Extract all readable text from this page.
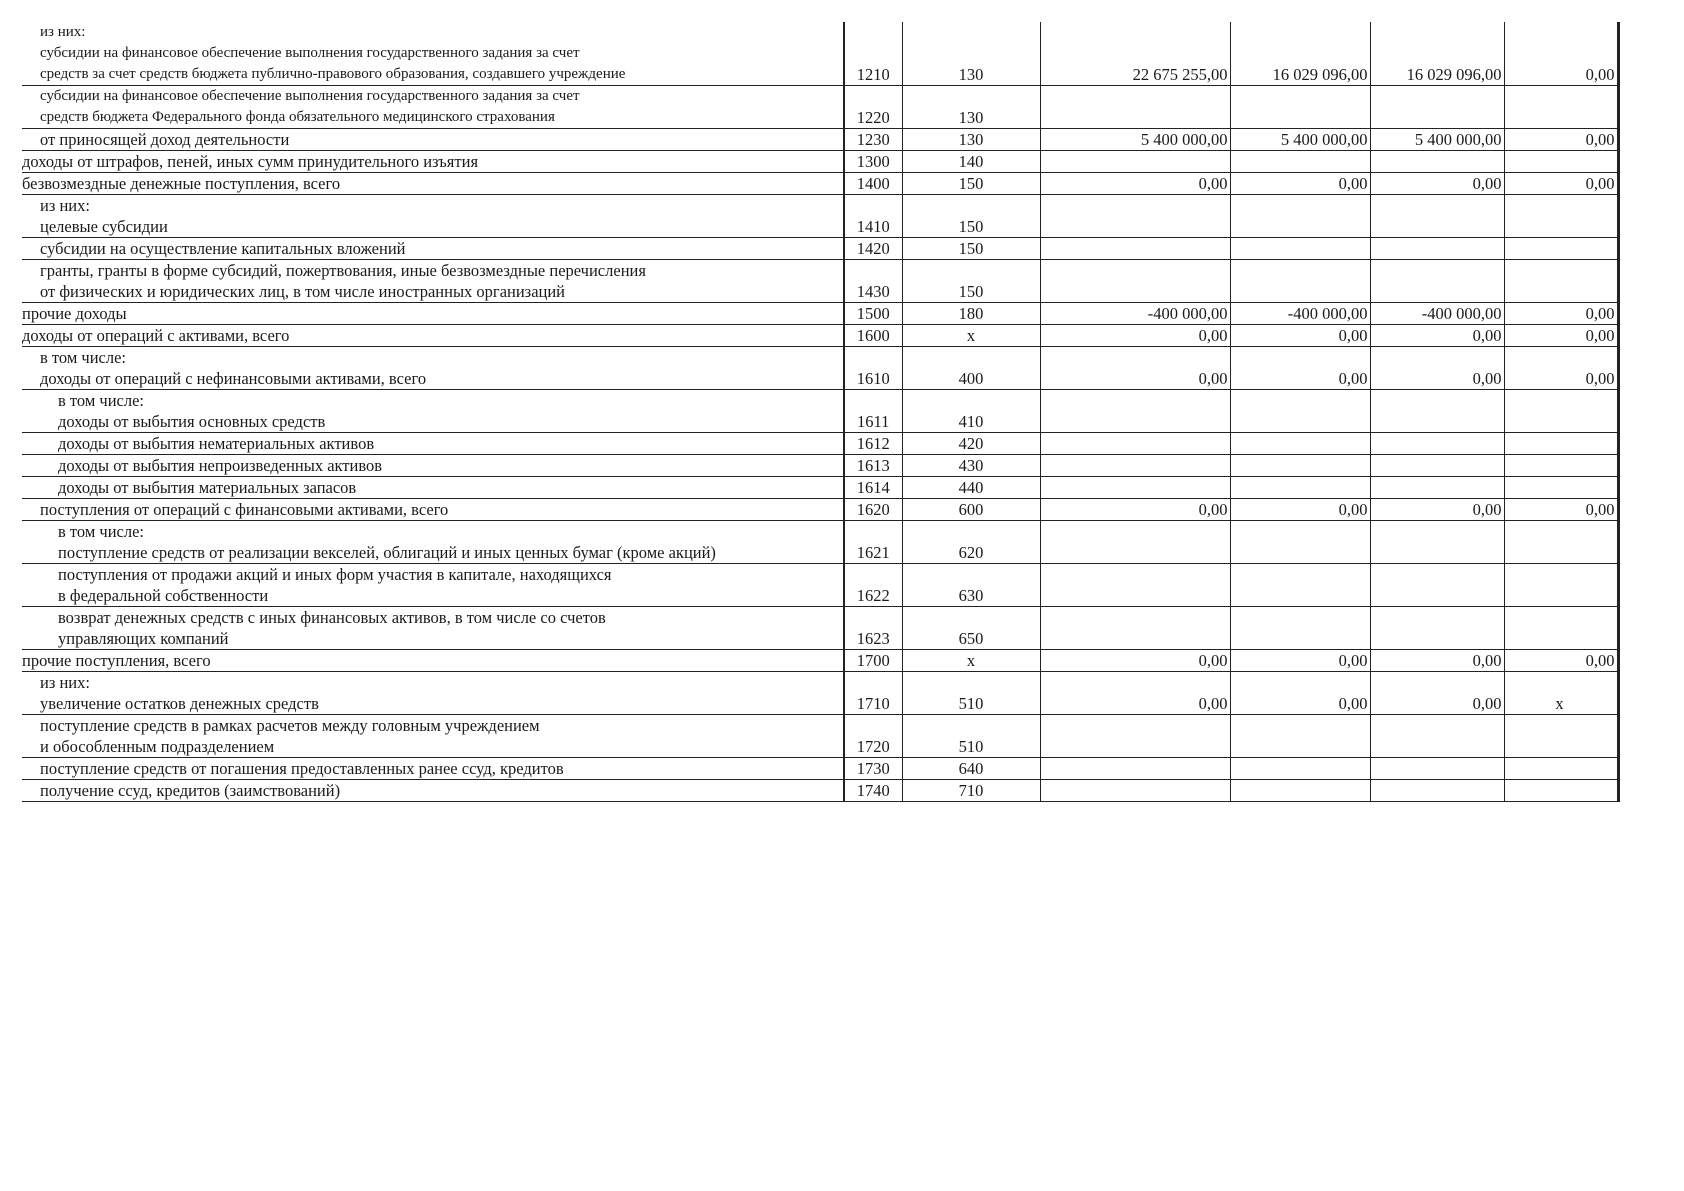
из них:
субсидии на финансовое обеспечение выполнения государственного задания за счет
средств за счет средств бюджета публично-правового образования, создавшего учреждение	1210	130	22 675 255,00	16 029 096,00	16 029 096,00	0,00

субсидии на финансовое обеспечение выполнения государственного задания за счет
средств бюджета Федерального фонда обязательного медицинского страхования	1220	130				

от приносящей доход деятельности	1230	130	5 400 000,00	5 400 000,00	5 400 000,00	0,00

доходы от штрафов, пеней, иных сумм принудительного изъятия	1300	140				

безвозмездные денежные поступления, всего	1400	150	0,00	0,00	0,00	0,00

из них:
целевые субсидии	1410	150				

субсидии на осуществление капитальных вложений	1420	150				

гранты, гранты в форме субсидий, пожертвования, иные безвозмездные перечисления
от физических и юридических лиц, в том числе иностранных организаций	1430	150				

прочие доходы	1500	180	-400 000,00	-400 000,00	-400 000,00	0,00

доходы от операций с активами, всего	1600	x	0,00	0,00	0,00	0,00

в том числе:
доходы от операций с нефинансовыми активами, всего	1610	400	0,00	0,00	0,00	0,00

в том числе:
доходы от выбытия основных средств	1611	410				

доходы от выбытия нематериальных активов	1612	420				

доходы от выбытия непроизведенных активов	1613	430				

доходы от выбытия материальных запасов	1614	440				

поступления от операций с финансовыми активами, всего	1620	600	0,00	0,00	0,00	0,00

в том числе:
поступление средств от реализации векселей, облигаций и иных ценных бумаг (кроме акций)	1621	620				

поступления от продажи акций и иных форм участия в капитале, находящихся
в федеральной собственности	1622	630				

возврат денежных средств с иных финансовых активов, в том числе со счетов
управляющих компаний	1623	650				

прочие поступления, всего	1700	x	0,00	0,00	0,00	0,00

из них:
увеличение остатков денежных средств	1710	510	0,00	0,00	0,00	x

поступление средств в рамках расчетов между головным учреждением
и обособленным подразделением	1720	510				

поступление средств от погашения предоставленных ранее ссуд, кредитов	1730	640				

получение ссуд, кредитов (заимствований)	1740	710				
